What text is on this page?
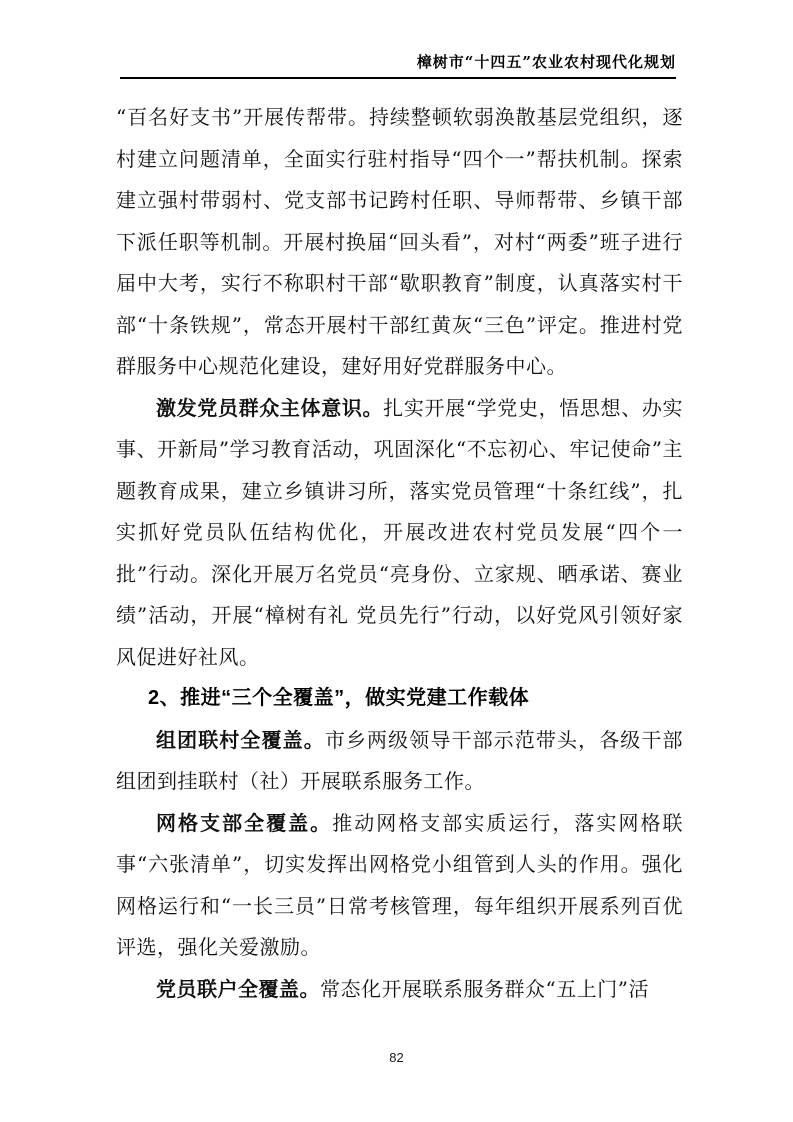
樟树市“十四五”农业农村现代化规划

“百名好支书”开展传帮带。持续整顿软弱涣散基层党组织，逐村建立问题清单，全面实行驻村指导“四个一”帮扶机制。探索建立强村带弱村、党支部书记跨村任职、导师帮带、乡镇干部下派任职等机制。开展村换届“回头看”，对村“两委”班子进行届中大考，实行不称职村干部“歇职教育”制度，认真落实村干部“十条铁规”，常态开展村干部红黄灰“三色”评定。推进村党群服务中心规范化建设，建好用好党群服务中心。

激发党员群众主体意识。扎实开展“学党史，悟思想、办实事、开新局”学习教育活动，巩固深化“不忘初心、牢记使命”主题教育成果，建立乡镇讲习所，落实党员管理“十条红线”，扎实抓好党员队伍结构优化，开展改进农村党员发展“四个一批”行动。深化开展万名党员“亮身份、立家规、晒承诺、赛业绩”活动，开展“樟树有礼 党员先行”行动，以好党风引领好家风促进好社风。

2、推进“三个全覆盖”，做实党建工作载体

组团联村全覆盖。市乡两级领导干部示范带头，各级干部组团到挂联村（社）开展联系服务工作。

网格支部全覆盖。推动网格支部实质运行，落实网格联事“六张清单”，切实发挥出网格党小组管到人头的作用。强化网格运行和“一长三员”日常考核管理，每年组织开展系列百优评选，强化关爱激励。

党员联户全覆盖。常态化开展联系服务群众“五上门”活

82
